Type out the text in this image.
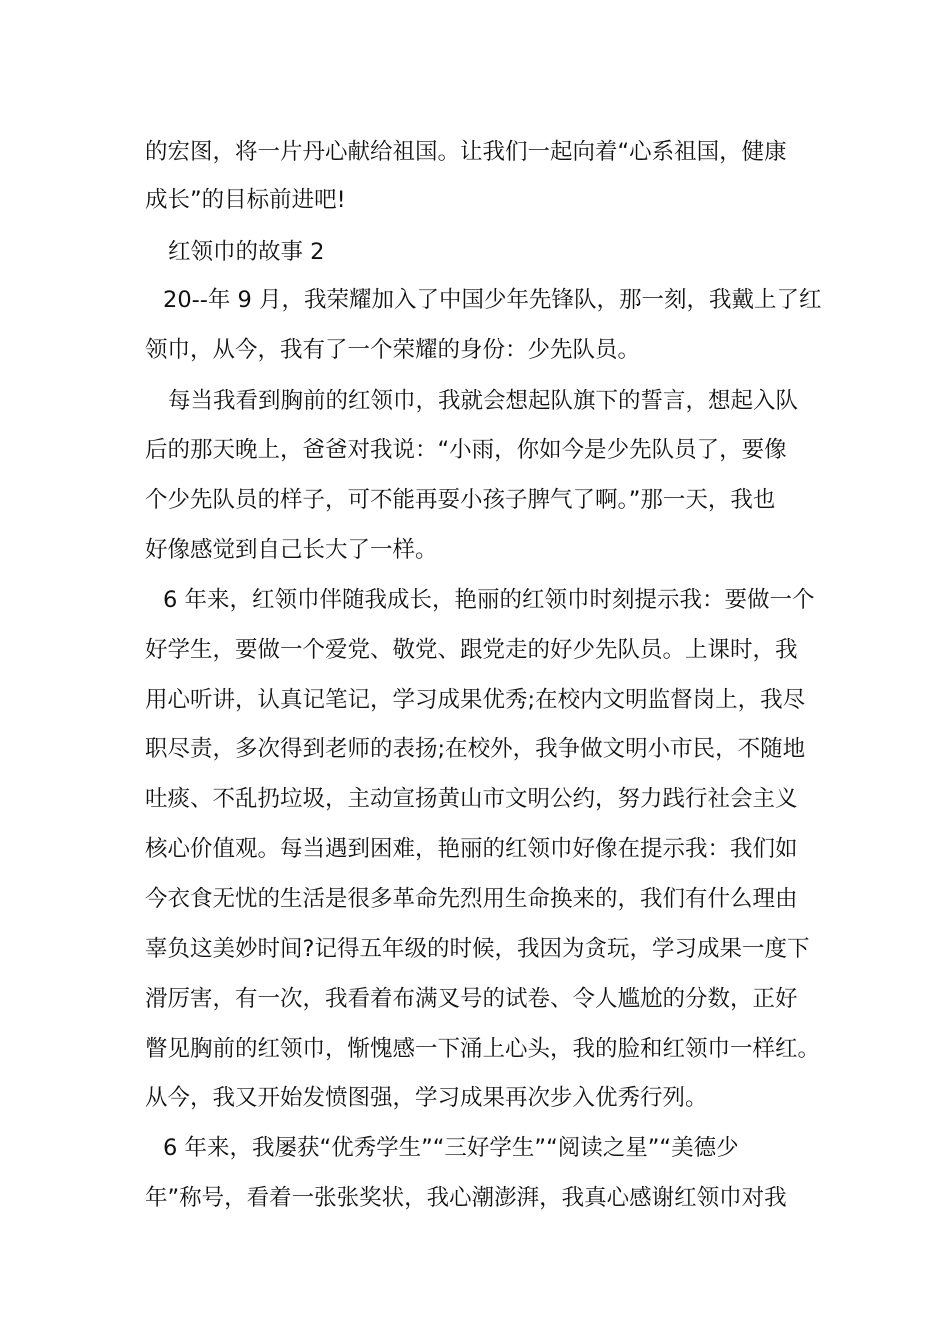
的宏图，将一片丹心献给祖国。让我们一起向着“心系祖国，健康
成长”的目标前进吧!
红领巾的故事 2
20--年 9 月，我荣耀加入了中国少年先锋队，那一刻，我戴上了红
领巾，从今，我有了一个荣耀的身份：少先队员。
每当我看到胸前的红领巾，我就会想起队旗下的誓言，想起入队
后的那天晚上，爸爸对我说：“小雨，你如今是少先队员了，要像
个少先队员的样子，可不能再耍小孩子脾气了啊。”那一天，我也
好像感觉到自己长大了一样。
6 年来，红领巾伴随我成长，艳丽的红领巾时刻提示我：要做一个
好学生，要做一个爱党、敬党、跟党走的好少先队员。上课时，我
用心听讲，认真记笔记，学习成果优秀;在校内文明监督岗上，我尽
职尽责，多次得到老师的表扬;在校外，我争做文明小市民，不随地
吐痰、不乱扔垃圾，主动宣扬黄山市文明公约，努力践行社会主义
核心价值观。每当遇到困难，艳丽的红领巾好像在提示我：我们如
今衣食无忧的生活是很多革命先烈用生命换来的，我们有什么理由
辜负这美妙时间?记得五年级的时候，我因为贪玩，学习成果一度下
滑厉害，有一次，我看着布满叉号的试卷、令人尴尬的分数，正好
瞥见胸前的红领巾，惭愧感一下涌上心头，我的脸和红领巾一样红。
从今，我又开始发愤图强，学习成果再次步入优秀行列。
6 年来，我屡获“优秀学生”“三好学生”“阅读之星”“美德少
年”称号，看着一张张奖状，我心潮澎湃，我真心感谢红领巾对我
